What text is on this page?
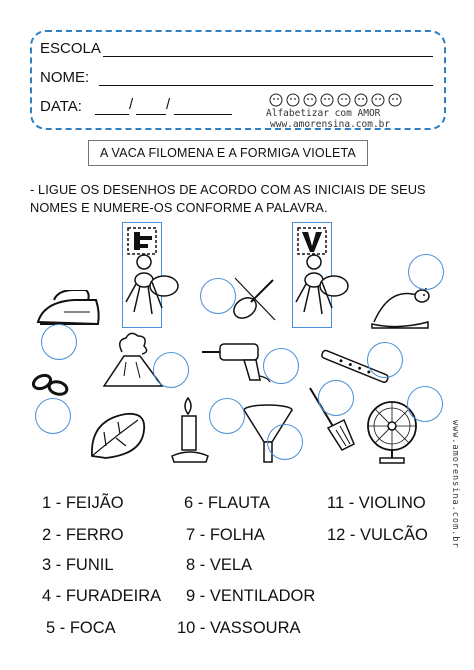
ESCOLA
NOME:
DATA:	/ /
Alfabetizar com AMOR
www.amorensina.com.br
A VACA FILOMENA E A FORMIGA VIOLETA
- LIGUE OS DESENHOS DE ACORDO COM AS INICIAIS DE SEUS
NOMES E NUMERE-OS CONFORME A PALAVRA.
1 - FEIJÃO
2 - FERRO
3 - FUNIL
4 - FURADEIRA
5 - FOCA
6 - FLAUTA
7 - FOLHA
8 - VELA
9 - VENTILADOR
10 - VASSOURA
11 - VIOLINO
12 - VULCÃO	www.amorensina.com.br
